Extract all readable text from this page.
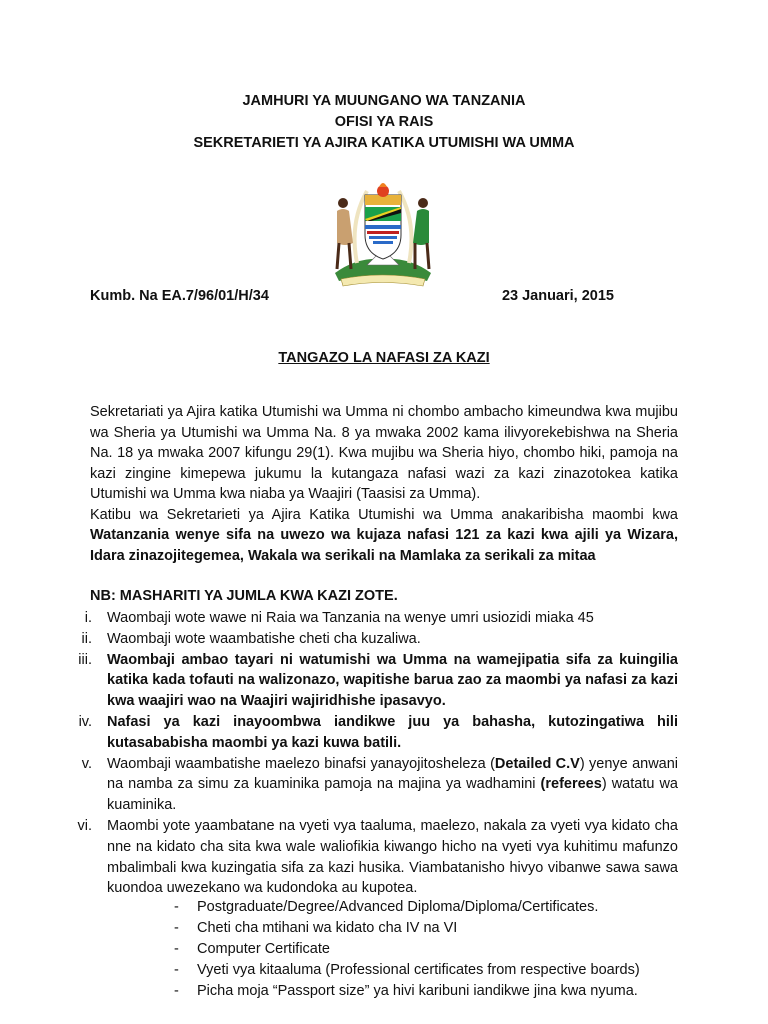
JAMHURI YA MUUNGANO WA TANZANIA
OFISI YA RAIS
SEKRETARIETI YA AJIRA KATIKA UTUMISHI WA UMMA
Kumb. Na EA.7/96/01/H/34	23 Januari, 2015
TANGAZO LA NAFASI ZA KAZI

Sekretariati ya Ajira katika Utumishi wa Umma ni chombo ambacho kimeundwa kwa mujibu wa Sheria ya Utumishi wa Umma Na. 8 ya mwaka 2002 kama ilivyorekebishwa na Sheria Na. 18 ya mwaka 2007 kifungu 29(1). Kwa mujibu wa Sheria hiyo, chombo hiki, pamoja na kazi zingine kimepewa jukumu la kutangaza nafasi wazi za kazi zinazotokea katika Utumishi wa Umma kwa niaba ya Waajiri (Taasisi za Umma).

Katibu wa Sekretarieti ya Ajira Katika Utumishi wa Umma anakaribisha maombi kwa Watanzania wenye sifa na uwezo wa kujaza nafasi 121 za kazi kwa ajili ya Wizara, Idara zinazojitegemea, Wakala wa serikali na Mamlaka za serikali za mitaa

NB: MASHARITI YA JUMLA KWA KAZI ZOTE.
i. Waombaji wote wawe ni Raia wa Tanzania na wenye umri usiozidi miaka 45
ii. Waombaji wote waambatishe cheti cha kuzaliwa.
iii. Waombaji ambao tayari ni watumishi wa Umma na wamejipatia sifa za kuingilia katika kada tofauti na walizonazo, wapitishe barua zao za maombi ya nafasi za kazi kwa waajiri wao na Waajiri wajiridhishe ipasavyo.
iv. Nafasi ya kazi inayoombwa iandikwe juu ya bahasha, kutozingatiwa hili kutasababisha maombi ya kazi kuwa batili.
v. Waombaji waambatishe maelezo binafsi yanayojitosheleza (Detailed C.V) yenye anwani na namba za simu za kuaminika pamoja na majina ya wadhamini (referees) watatu wa kuaminika.
vi. Maombi yote yaambatane na vyeti vya taaluma, maelezo, nakala za vyeti vya kidato cha nne na kidato cha sita kwa wale waliofikia kiwango hicho na vyeti vya kuhitimu mafunzo mbalimbali kwa kuzingatia sifa za kazi husika. Viambatanisho hivyo vibanwe sawa sawa kuondoa uwezekano wa kudondoka au kupotea.
- Postgraduate/Degree/Advanced Diploma/Diploma/Certificates.
- Cheti cha mtihani wa kidato cha IV na VI
- Computer Certificate
- Vyeti vya kitaaluma (Professional certificates from respective boards)
- Picha moja “Passport size” ya hivi karibuni iandikwe jina kwa nyuma.
